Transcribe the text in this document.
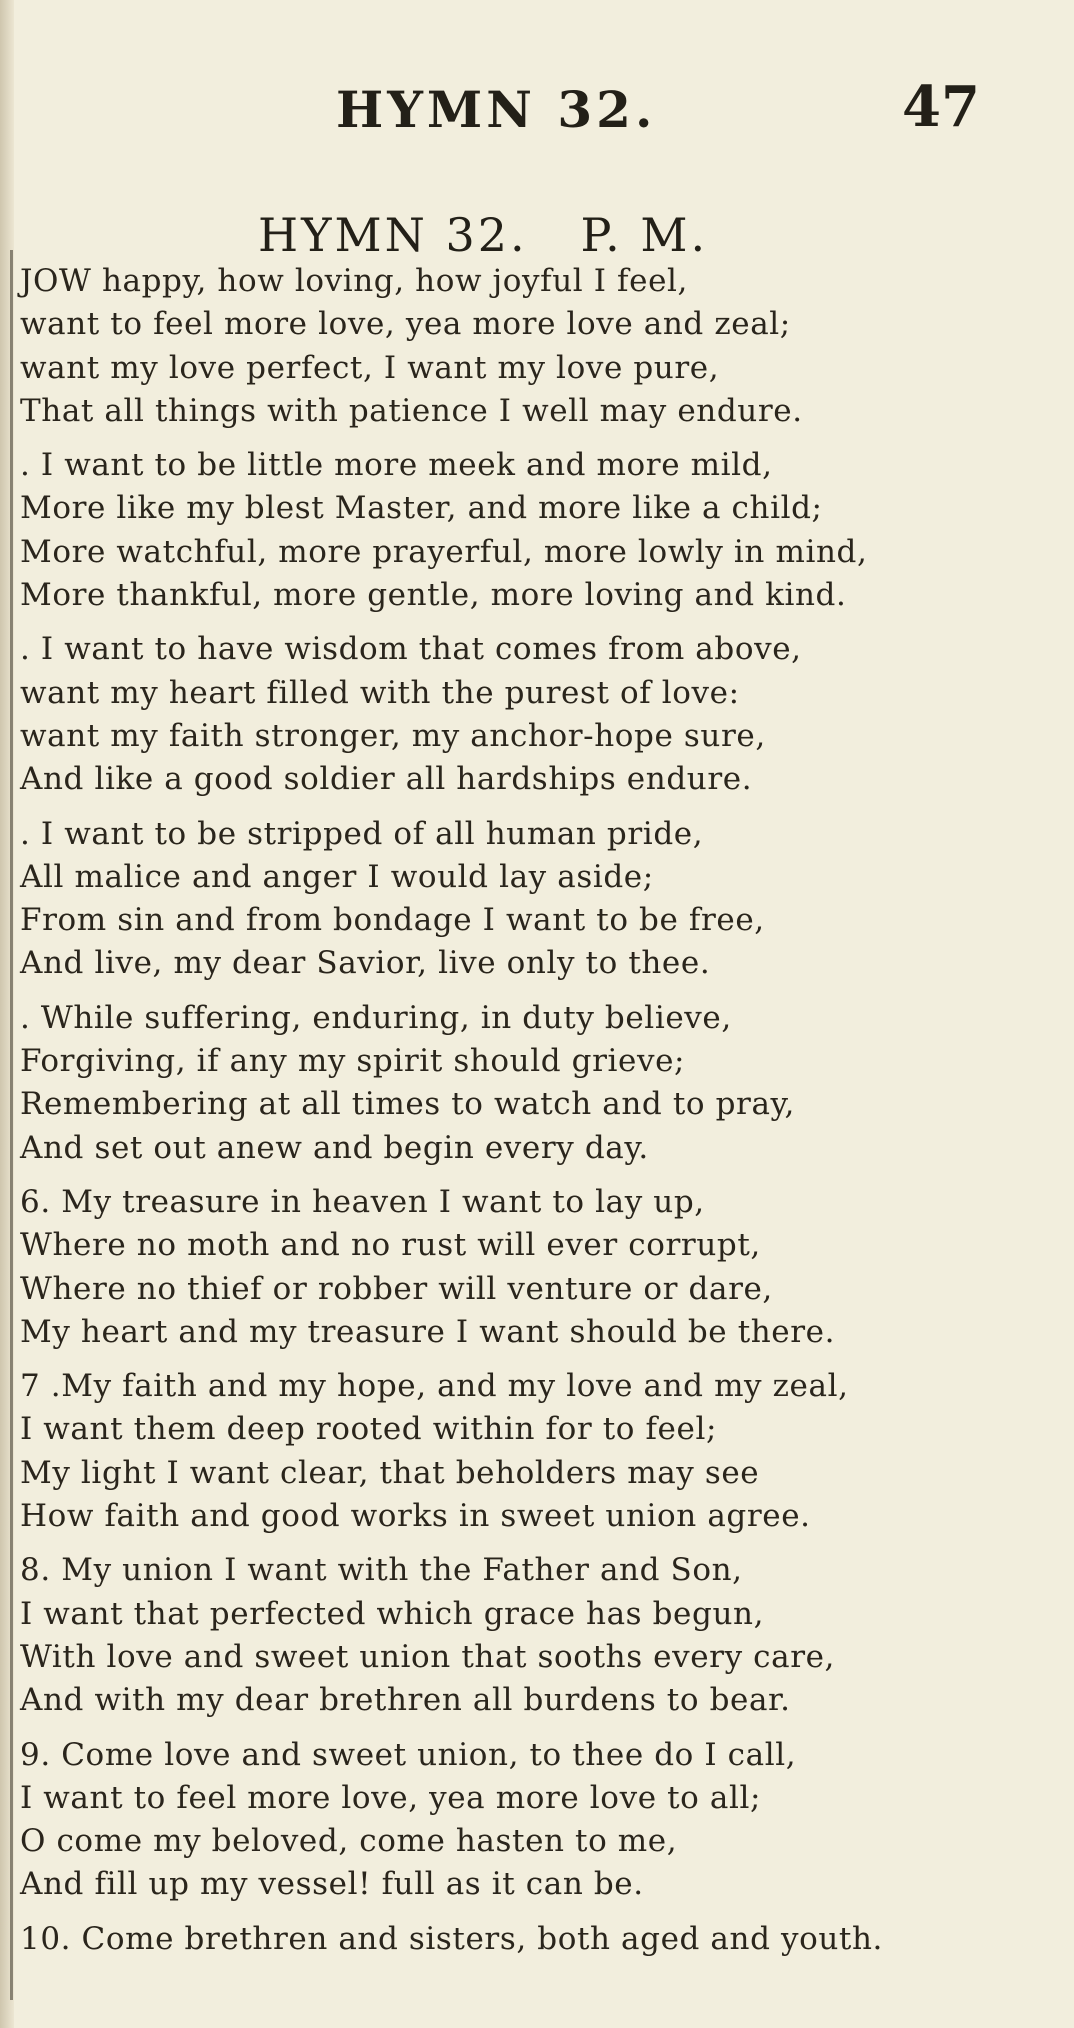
HYMN 32.	47
HYMN 32.   P. M.
JOW happy, how loving, how joyful I feel,
want to feel more love, yea more love and zeal;
want my love perfect, I want my love pure,
That all things with patience I well may endure.
. I want to be little more meek and more mild,
More like my blest Master, and more like a child;
More watchful, more prayerful, more lowly in mind,
More thankful, more gentle, more loving and kind.
. I want to have wisdom that comes from above,
want my heart filled with the purest of love:
want my faith stronger, my anchor-hope sure,
And like a good soldier all hardships endure.
. I want to be stripped of all human pride,
All malice and anger I would lay aside;
From sin and from bondage I want to be free,
And live, my dear Savior, live only to thee.
. While suffering, enduring, in duty believe,
Forgiving, if any my spirit should grieve;
Remembering at all times to watch and to pray,
And set out anew and begin every day.
6. My treasure in heaven I want to lay up,
Where no moth and no rust will ever corrupt,
Where no thief or robber will venture or dare,
My heart and my treasure I want should be there.
7 .My faith and my hope, and my love and my zeal,
I want them deep rooted within for to feel;
My light I want clear, that beholders may see
How faith and good works in sweet union agree.
8. My union I want with the Father and Son,
I want that perfected which grace has begun,
With love and sweet union that sooths every care,
And with my dear brethren all burdens to bear.
9. Come love and sweet union, to thee do I call,
I want to feel more love, yea more love to all;
O come my beloved, come hasten to me,
And fill up my vessel! full as it can be.
10. Come brethren and sisters, both aged and youth.
